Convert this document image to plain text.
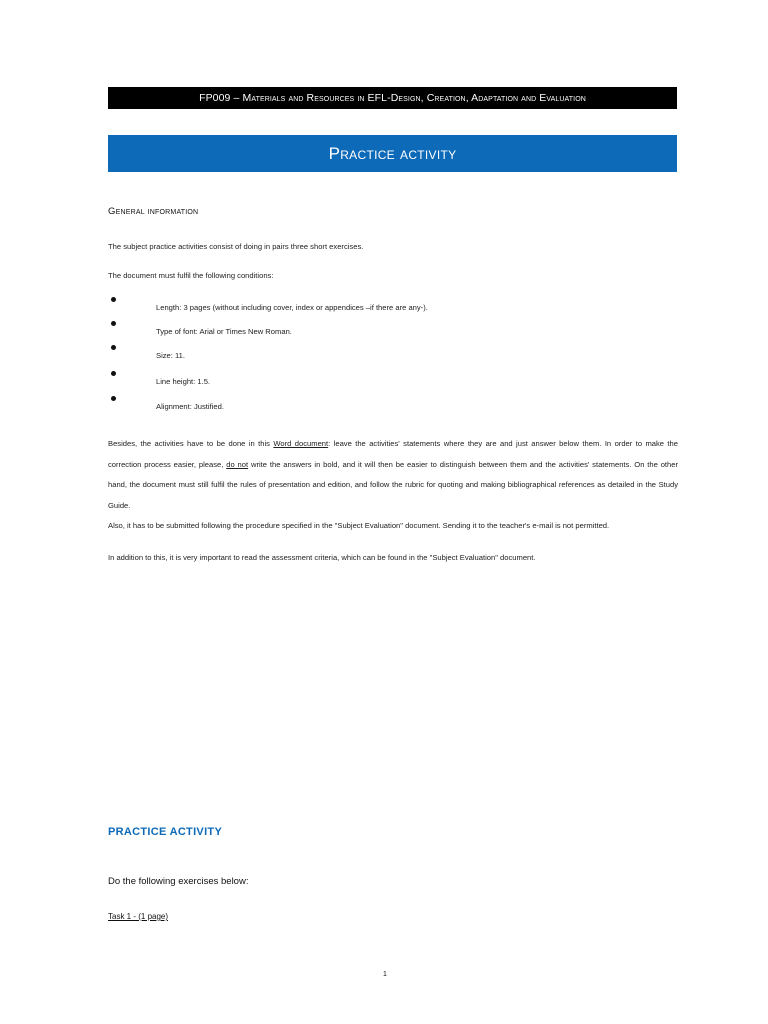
FP009 – Materials and Resources in EFL-Design, Creation, Adaptation and Evaluation
Practice activity
General information

The subject practice activities consist of doing in pairs three short exercises.

The document must fulfil the following conditions:

Length: 3 pages (without including cover, index or appendices –if there are any-).
Type of font: Arial or Times New Roman.
Size: 11.
Line height: 1.5.
Alignment: Justified.

Besides, the activities have to be done in this Word document: leave the activities' statements where they are and just answer below them. In order to make the correction process easier, please, do not write the answers in bold, and it will then be easier to distinguish between them and the activities' statements. On the other hand, the document must still fulfil the rules of presentation and edition, and follow the rubric for quoting and making bibliographical references as detailed in the Study Guide.

Also, it has to be submitted following the procedure specified in the "Subject Evaluation" document. Sending it to the teacher's e-mail is not permitted.

In addition to this, it is very important to read the assessment criteria, which can be found in the "Subject Evaluation" document.

PRACTICE ACTIVITY
Do the following exercises below:
Task 1 - (1 page)
1
